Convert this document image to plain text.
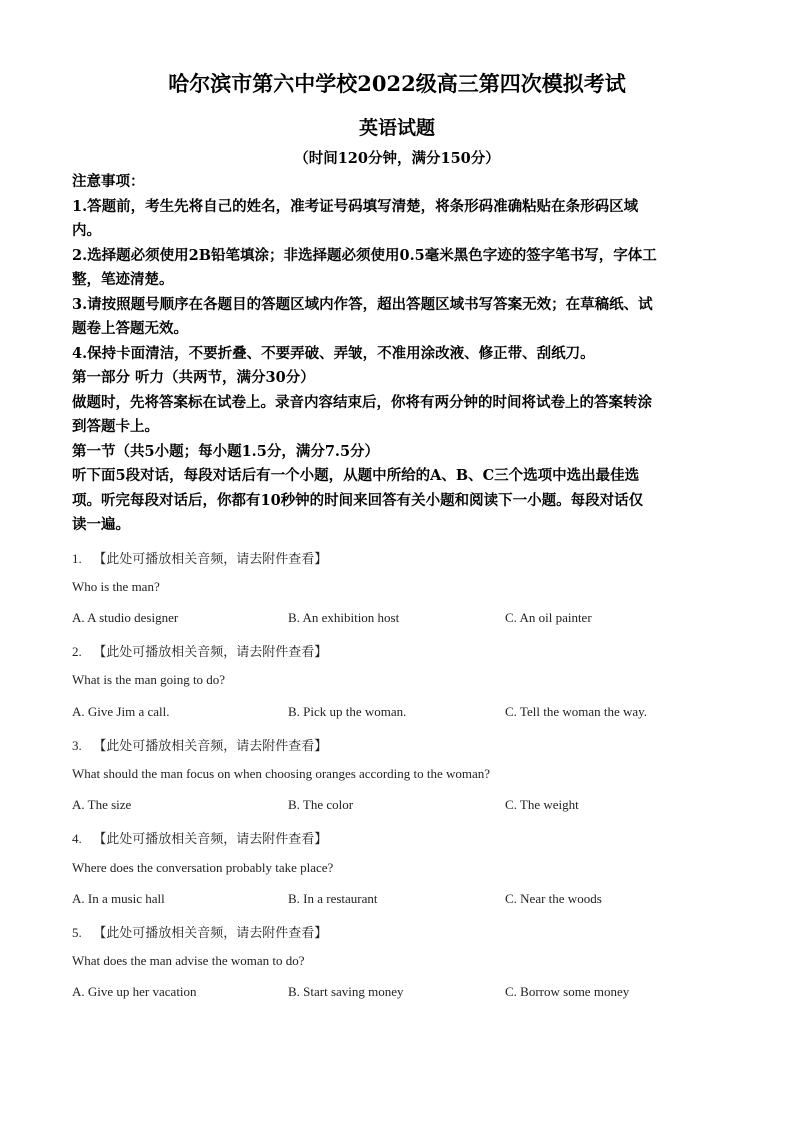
哈尔滨市第六中学校2022级高三第四次模拟考试
英语试题
（时间120分钟，满分150分）

注意事项：

1.答题前，考生先将自己的姓名，准考证号码填写清楚，将条形码准确粘贴在条形码区域

内。

2.选择题必须使用2B铅笔填涂；非选择题必须使用0.5毫米黑色字迹的签字笔书写，字体工

整，笔迹清楚。

3.请按照题号顺序在各题目的答题区域内作答，超出答题区域书写答案无效；在草稿纸、试

题卷上答题无效。

4.保持卡面清洁，不要折叠、不要弄破、弄皱，不准用涂改液、修正带、刮纸刀。

第一部分 听力（共两节，满分30分）

做题时，先将答案标在试卷上。录音内容结束后，你将有两分钟的时间将试卷上的答案转涂

到答题卡上。

第一节（共5小题；每小题1.5分，满分7.5分）

听下面5段对话，每段对话后有一个小题，从题中所给的A、B、C三个选项中选出最佳选

项。听完每段对话后，你都有10秒钟的时间来回答有关小题和阅读下一小题。每段对话仅

读一遍。

1. 【此处可播放相关音频，请去附件查看】
Who is the man?
A. A studio designer	B. An exhibition host	C. An oil painter
2. 【此处可播放相关音频，请去附件查看】
What is the man going to do?
A. Give Jim a call.	B. Pick up the woman.	C. Tell the woman the way.
3. 【此处可播放相关音频，请去附件查看】
What should the man focus on when choosing oranges according to the woman?
A. The size	B. The color	C. The weight
4. 【此处可播放相关音频，请去附件查看】
Where does the conversation probably take place?
A. In a music hall	B. In a restaurant	C. Near the woods
5. 【此处可播放相关音频，请去附件查看】
What does the man advise the woman to do?
A. Give up her vacation	B. Start saving money	C. Borrow some money
